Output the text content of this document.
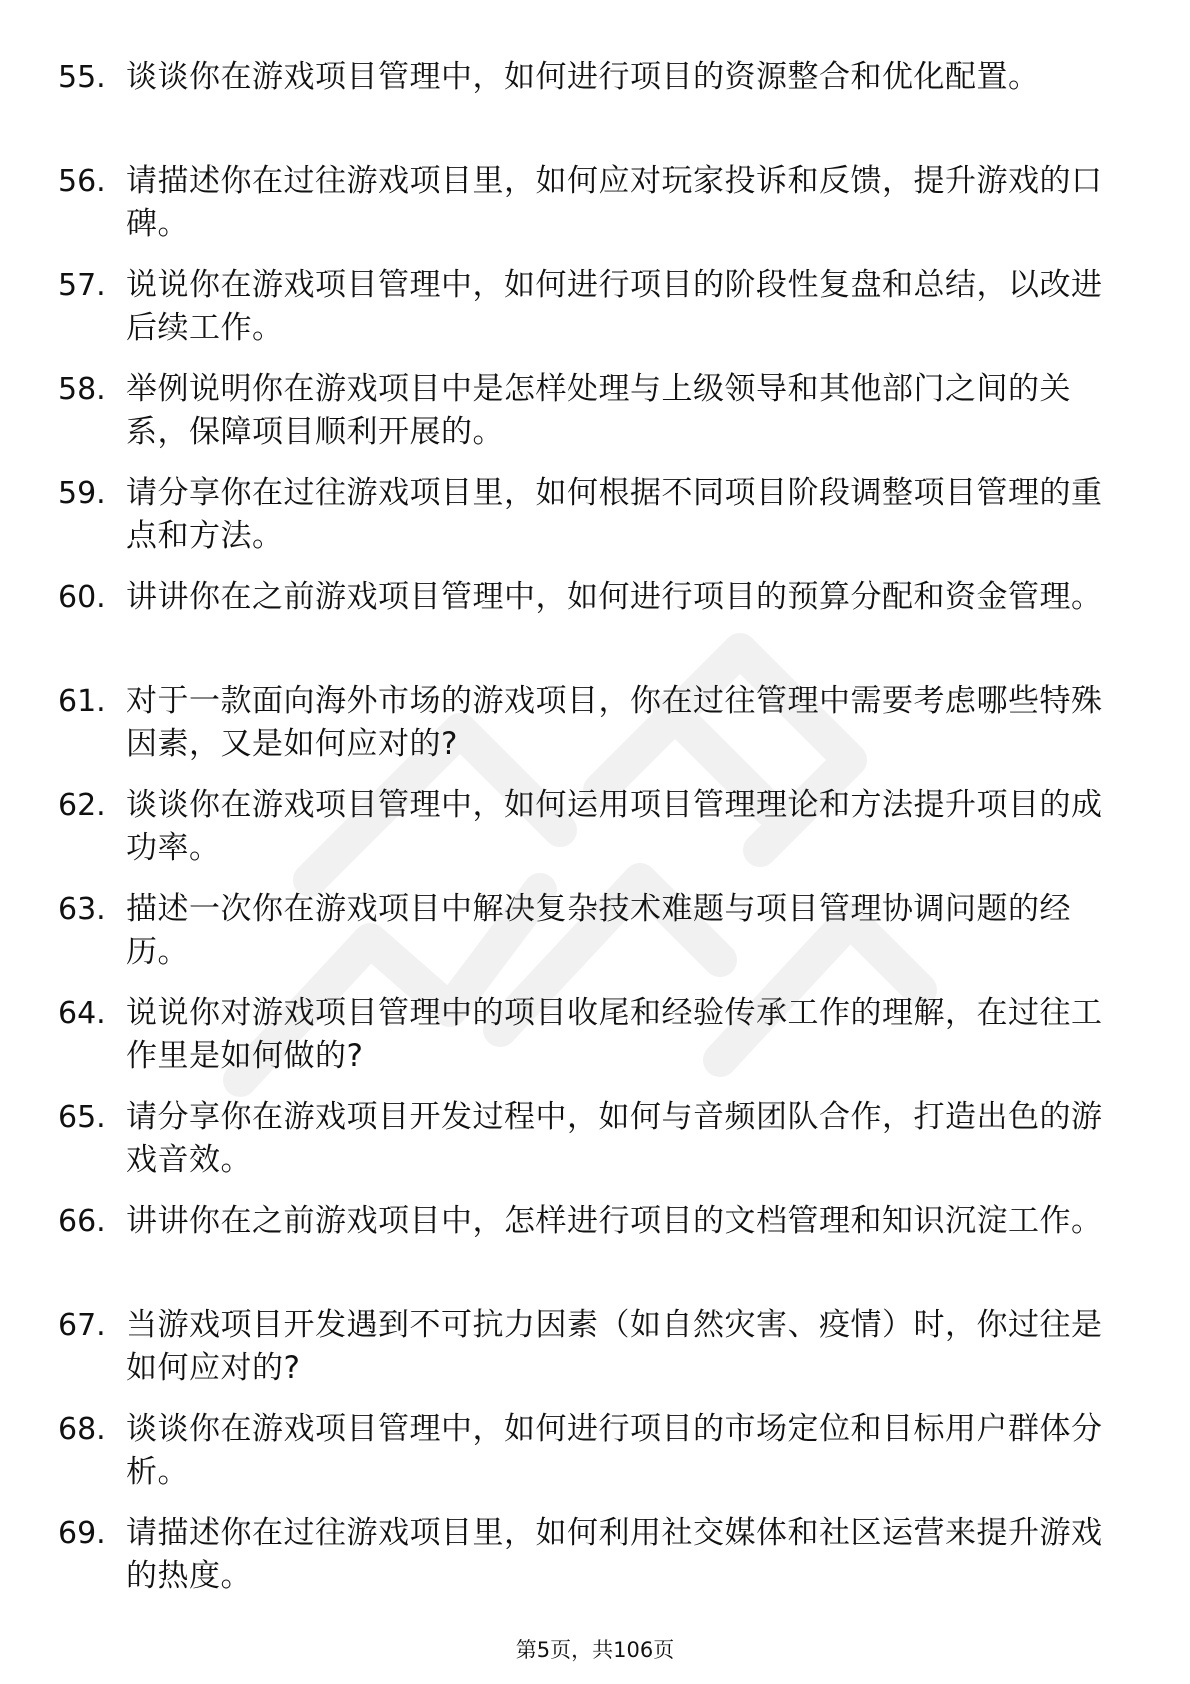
55. 谈谈你在游戏项目管理中，如何进行项目的资源整合和优化配置。
56. 请描述你在过往游戏项目里，如何应对玩家投诉和反馈，提升游戏的口碑。
57. 说说你在游戏项目管理中，如何进行项目的阶段性复盘和总结，以改进后续工作。
58. 举例说明你在游戏项目中是怎样处理与上级领导和其他部门之间的关系，保障项目顺利开展的。
59. 请分享你在过往游戏项目里，如何根据不同项目阶段调整项目管理的重点和方法。
60. 讲讲你在之前游戏项目管理中，如何进行项目的预算分配和资金管理。
61. 对于一款面向海外市场的游戏项目，你在过往管理中需要考虑哪些特殊因素，又是如何应对的?
62. 谈谈你在游戏项目管理中，如何运用项目管理理论和方法提升项目的成功率。
63. 描述一次你在游戏项目中解决复杂技术难题与项目管理协调问题的经历。
64. 说说你对游戏项目管理中的项目收尾和经验传承工作的理解，在过往工作里是如何做的?
65. 请分享你在游戏项目开发过程中，如何与音频团队合作，打造出色的游戏音效。
66. 讲讲你在之前游戏项目中，怎样进行项目的文档管理和知识沉淀工作。
67. 当游戏项目开发遇到不可抗力因素（如自然灾害、疫情）时，你过往是如何应对的?
68. 谈谈你在游戏项目管理中，如何进行项目的市场定位和目标用户群体分析。
69. 请描述你在过往游戏项目里，如何利用社交媒体和社区运营来提升游戏的热度。
第5页，共106页
